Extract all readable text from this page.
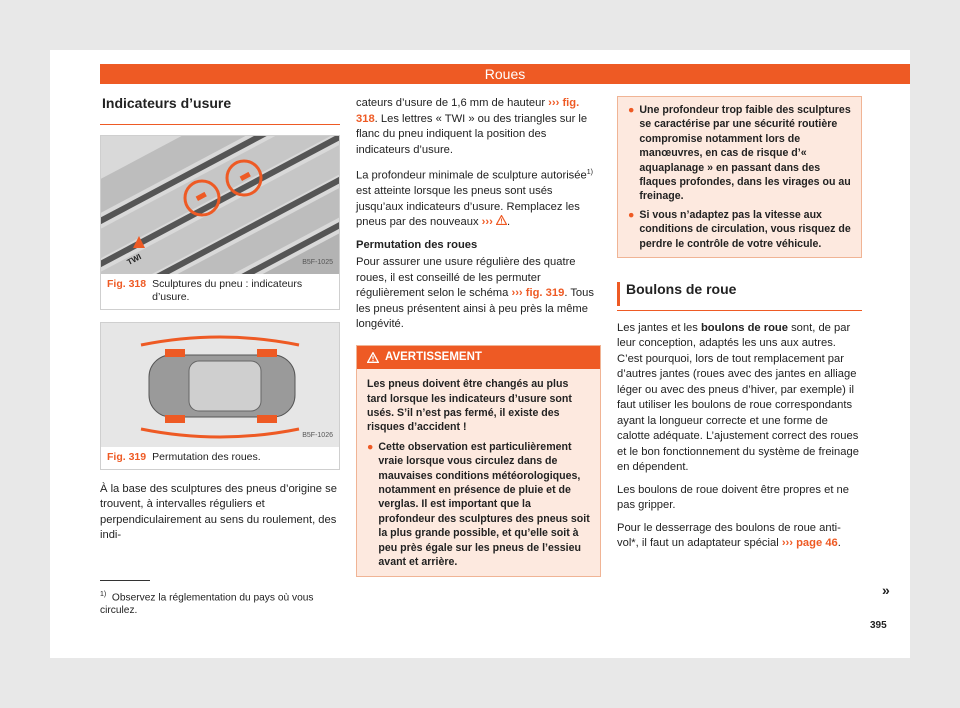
Roues
Indicateurs d’usure
TWI	B5F-1025
Fig. 318 Sculptures du pneu : indicateurs d’usure.
B5F-1026
Fig. 319 Permutation des roues.

À la base des sculptures des pneus d’origine se trouvent, à intervalles réguliers et perpendiculairement au sens du roulement, des indi-

cateurs d’usure de 1,6 mm de hauteur ››› fig. 318. Les lettres « TWI » ou des triangles sur le flanc du pneu indiquent la position des indicateurs d’usure.

La profondeur minimale de sculpture autorisée$^{1)}$ est atteinte lorsque les pneus sont usés jusqu’aux indicateurs d’usure. Remplacez les pneus par des nouveaux ››› .

Permutation des roues

Pour assurer une usure régulière des quatre roues, il est conseillé de les permuter régulièrement selon le schéma ››› fig. 319. Tous les pneus présentent ainsi à peu près la même longévité.

AVERTISSEMENT

Les pneus doivent être changés au plus tard lorsque les indicateurs d’usure sont usés. S’il n’est pas fermé, il existe des risques d’accident !

● Cette observation est particulièrement vraie lorsque vous circulez dans de mauvaises conditions météorologiques, notamment en présence de pluie et de verglas. Il est important que la profondeur des sculptures des pneus soit la plus grande possible, et qu’elle soit à peu près égale sur les pneus de l’essieu avant et arrière.
● Une profondeur trop faible des sculptures se caractérise par une sécurité routière compromise notamment lors de manœuvres, en cas de risque d’« aquaplanage » en passant dans des flaques profondes, dans les virages ou au freinage.
● Si vous n’adaptez pas la vitesse aux conditions de circulation, vous risquez de perdre le contrôle de votre véhicule.
Boulons de roue

Les jantes et les boulons de roue sont, de par leur conception, adaptés les uns aux autres. C’est pourquoi, lors de tout remplacement par d’autres jantes (roues avec des jantes en alliage léger ou avec des pneus d’hiver, par exemple) il faut utiliser les boulons de roue correspondants ayant la longueur correcte et une forme de calotte adéquate. L’ajustement correct des roues et le bon fonctionnement du système de freinage en dépendent.

Les boulons de roue doivent être propres et ne pas gripper.

Pour le desserrage des boulons de roue anti-vol*, il faut un adaptateur spécial ››› page 46.

»
$^{1)}$ Observez la réglementation du pays où vous circulez.
395
